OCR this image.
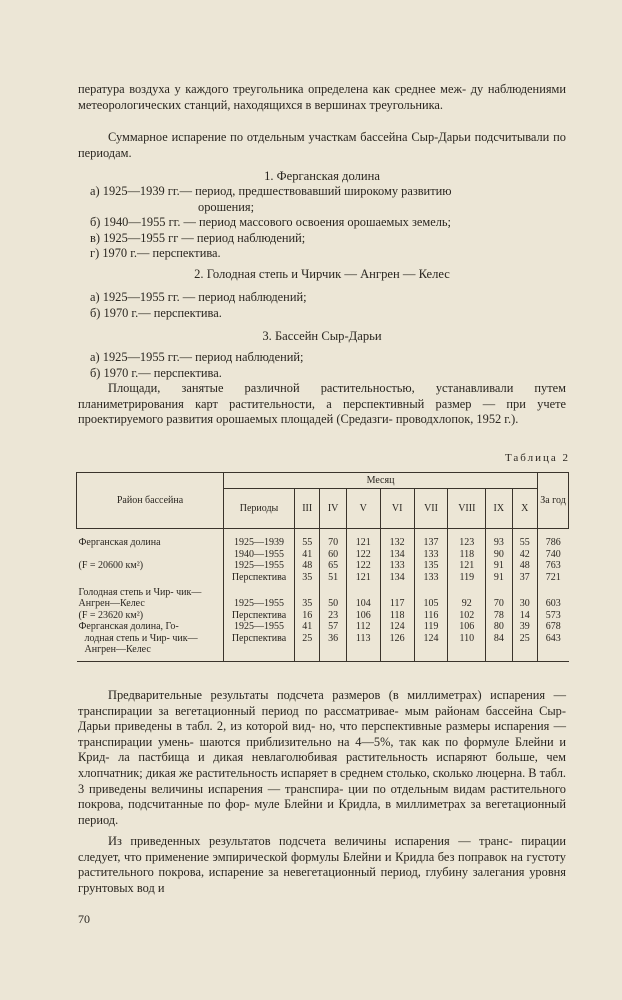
пература воздуха у каждого треугольника определена как среднее меж- ду наблюдениями метеорологических станций, находящихся в вершинах треугольника.

Суммарное испарение по отдельным участкам бассейна Сыр-Дарьи подсчитывали по периодам.

1. Ферганская долина

а) 1925—1939 гг.— период, предшествовавший широкому развитию
орошения;
б) 1940—1955 гг. — период массового освоения орошаемых земель;
в) 1925—1955 гг — период наблюдений;
г) 1970 г.— перспектива.

2. Голодная степь и Чирчик — Ангрен — Келес

а) 1925—1955 гг. — период наблюдений;
б) 1970 г.— перспектива.

3. Бассейн Сыр-Дарьи

а) 1925—1955 гг.— период наблюдений;
б) 1970 г.— перспектива.

Площади, занятые различной растительностью, устанавливали путем планиметрирования карт растительности, а перспективный размер — при учете проектируемого развития орошаемых площадей (Средазги- проводхлопок, 1952 г.).

Таблица 2
Район бассейна	Месяц									За год
	Периоды	III	IV	V	VI	VII	VIII	IX	X	
Ферганская долина	1925—1939	55	70	121	132	137	123	93	55	786
	1940—1955	41	60	122	134	133	118	90	42	740
(F = 20600 км²)	1925—1955	48	65	122	133	135	121	91	48	763
	Перспектива	35	51	121	134	133	119	91	37	721
Голодная степь и Чир- чик—Ангрен—Келес	1925—1955	35	50	104	117	105	92	70	30	603
(F = 23620 км²)	Перспектива	16	23	106	118	116	102	78	14	573
Ферганская долина, Го-	1925—1955	41	57	112	124	119	106	80	39	678
лодная степь и Чир- чик—Ангрен—Келес	Перспектива	25	36	113	126	124	110	84	25	643

Предварительные результаты подсчета размеров (в миллиметрах) испарения — транспирации за вегетационный период по рассматривае- мым районам бассейна Сыр-Дарьи приведены в табл. 2, из которой вид- но, что перспективные размеры испарения — транспирации умень- шаются приблизительно на 4—5%, так как по формуле Блейни и Крид- ла пастбища и дикая невлаголюбивая растительность испаряют больше, чем хлопчатник; дикая же растительность испаряет в среднем столько, сколько люцерна. В табл. 3 приведены величины испарения — транспира- ции по отдельным видам растительного покрова, подсчитанные по фор- муле Блейни и Кридла, в миллиметрах за вегетационный период.

Из приведенных результатов подсчета величины испарения — транс- пирации следует, что применение эмпирической формулы Блейни и Кридла без поправок на густоту растительного покрова, испарение за невегетационный период, глубину залегания уровня грунтовых вод и

70
